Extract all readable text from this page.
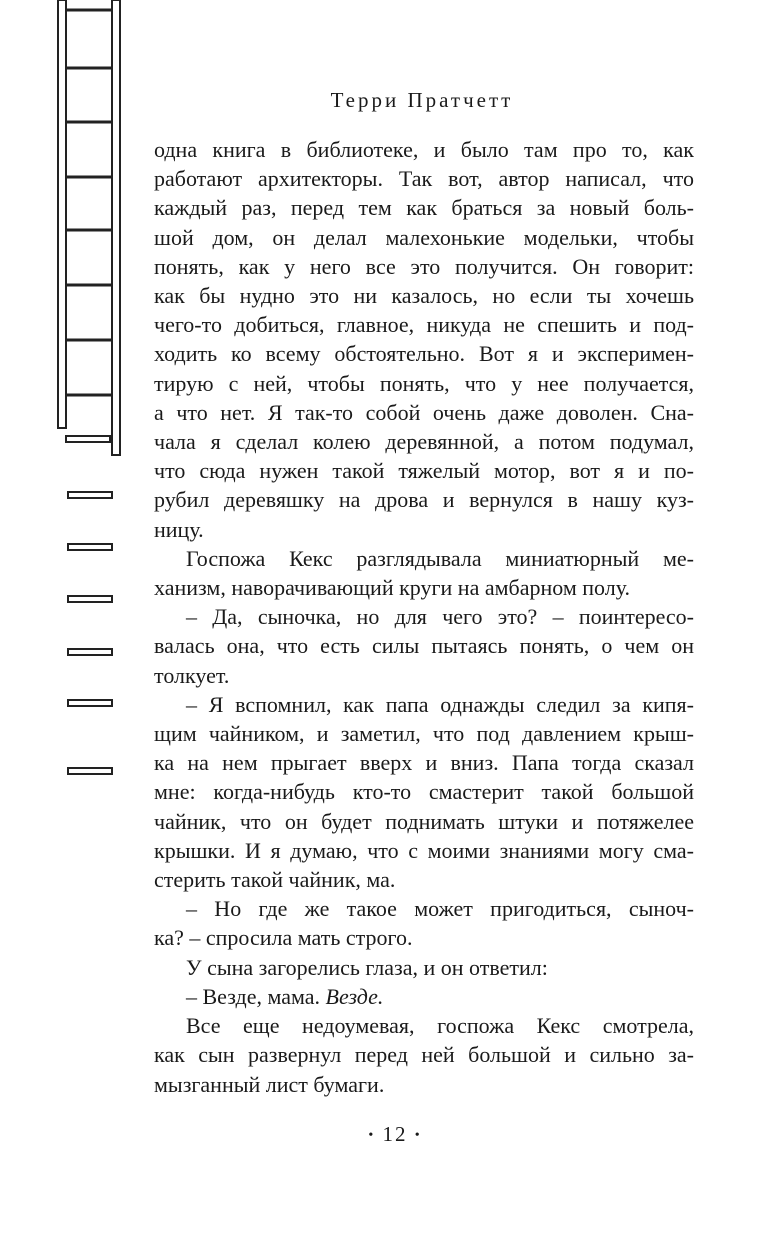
Терри Пратчетт

одна книга в библиотеке, и было там про то, как

работают архитекторы. Так вот, автор написал, что

каждый раз, перед тем как браться за новый боль-

шой дом, он делал малехонькие модельки, чтобы

понять, как у него все это получится. Он говорит:

как бы нудно это ни казалось, но если ты хочешь

чего-то добиться, главное, никуда не спешить и под-

ходить ко всему обстоятельно. Вот я и эксперимен-

тирую с ней, чтобы понять, что у нее получается,

а что нет. Я так-то собой очень даже доволен. Сна-

чала я сделал колею деревянной, а потом подумал,

что сюда нужен такой тяжелый мотор, вот я и по-

рубил деревяшку на дрова и вернулся в нашу куз-

ницу.

Госпожа Кекс разглядывала миниатюрный ме-

ханизм, наворачивающий круги на амбарном полу.

– Да, сыночка, но для чего это? – поинтересо-

валась она, что есть силы пытаясь понять, о чем он

толкует.

– Я вспомнил, как папа однажды следил за кипя-

щим чайником, и заметил, что под давлением крыш-

ка на нем прыгает вверх и вниз. Папа тогда сказал

мне: когда-нибудь кто-то смастерит такой большой

чайник, что он будет поднимать штуки и потяжелее

крышки. И я думаю, что с моими знаниями могу сма-

стерить такой чайник, ма.

– Но где же такое может пригодиться, сыноч-

ка? – спросила мать строго.

У сына загорелись глаза, и он ответил:

– Везде, мама. Везде.

Все еще недоумевая, госпожа Кекс смотрела,

как сын развернул перед ней большой и сильно за-

мызганный лист бумаги.

• 12 •
